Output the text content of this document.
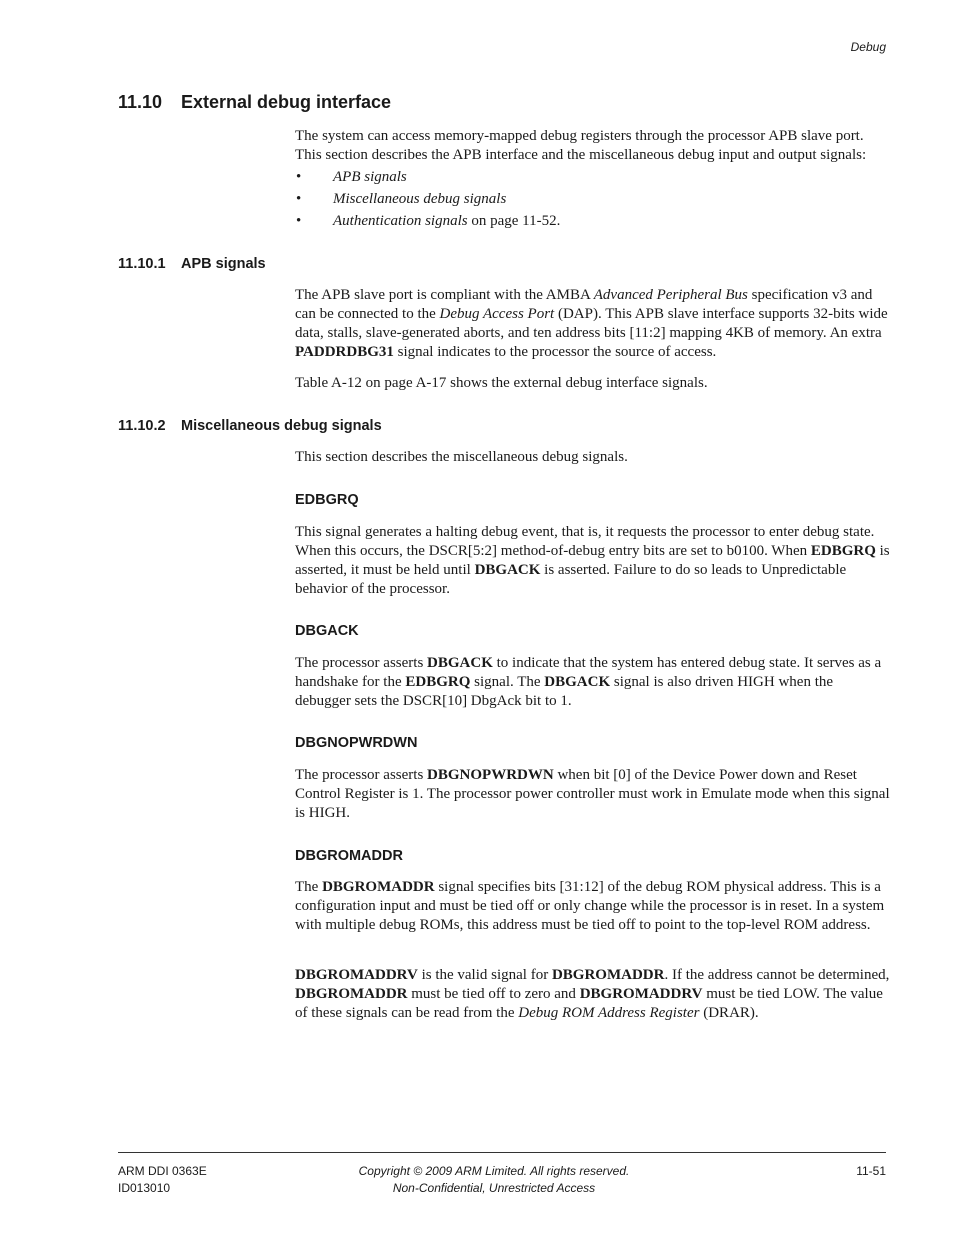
Debug
11.10 External debug interface

The system can access memory-mapped debug registers through the processor APB slave port. This section describes the APB interface and the miscellaneous debug input and output signals:

• APB signals
• Miscellaneous debug signals
• Authentication signals on page 11-52.
11.10.1 APB signals

The APB slave port is compliant with the AMBA Advanced Peripheral Bus specification v3 and can be connected to the Debug Access Port (DAP). This APB slave interface supports 32-bits wide data, stalls, slave-generated aborts, and ten address bits [11:2] mapping 4KB of memory. An extra PADDRDBG31 signal indicates to the processor the source of access.

Table A-12 on page A-17 shows the external debug interface signals.

11.10.2 Miscellaneous debug signals

This section describes the miscellaneous debug signals.

EDBGRQ

This signal generates a halting debug event, that is, it requests the processor to enter debug state. When this occurs, the DSCR[5:2] method-of-debug entry bits are set to b0100. When EDBGRQ is asserted, it must be held until DBGACK is asserted. Failure to do so leads to Unpredictable behavior of the processor.

DBGACK

The processor asserts DBGACK to indicate that the system has entered debug state. It serves as a handshake for the EDBGRQ signal. The DBGACK signal is also driven HIGH when the debugger sets the DSCR[10] DbgAck bit to 1.

DBGNOPWRDWN

The processor asserts DBGNOPWRDWN when bit [0] of the Device Power down and Reset Control Register is 1. The processor power controller must work in Emulate mode when this signal is HIGH.

DBGROMADDR

The DBGROMADDR signal specifies bits [31:12] of the debug ROM physical address. This is a configuration input and must be tied off or only change while the processor is in reset. In a system with multiple debug ROMs, this address must be tied off to point to the top-level ROM address.

DBGROMADDRV is the valid signal for DBGROMADDR. If the address cannot be determined, DBGROMADDR must be tied off to zero and DBGROMADDRV must be tied LOW. The value of these signals can be read from the Debug ROM Address Register (DRAR).

ARM DDI 0363E
ID013010
Copyright © 2009 ARM Limited. All rights reserved.
Non-Confidential, Unrestricted Access
11-51
